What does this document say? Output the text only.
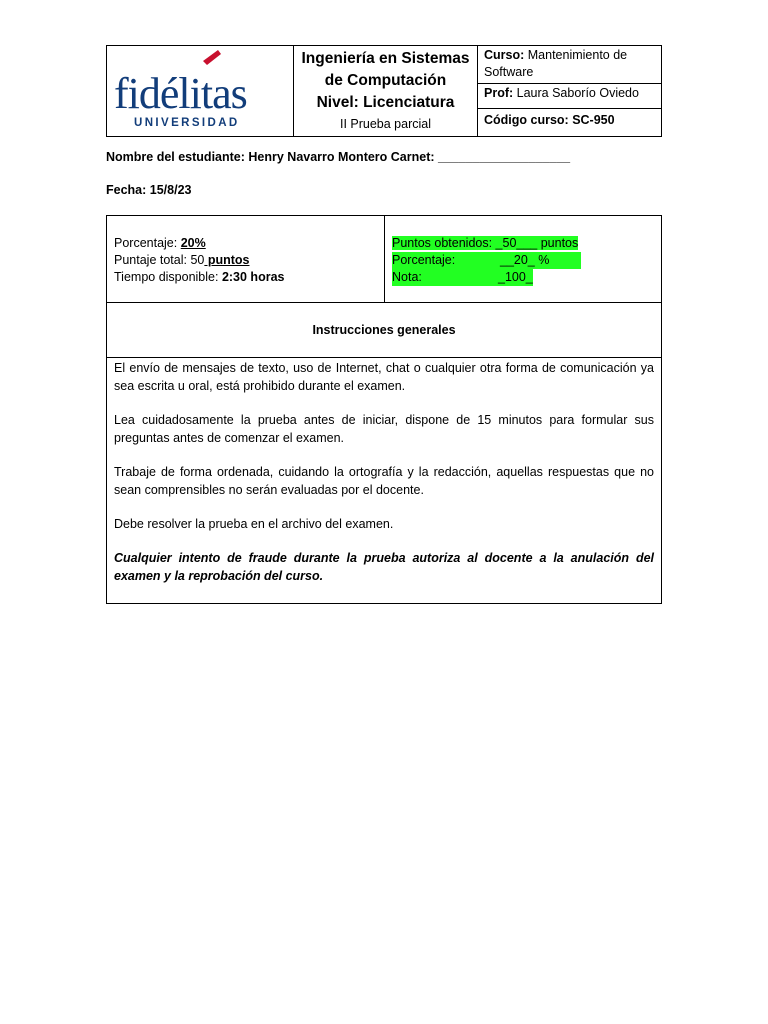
fidélitas
UNIVERSIDAD

Ingeniería en Sistemas
de Computación
Nivel: Licenciatura
II Prueba parcial
	Curso: Mantenimiento de Software
Prof: Laura Saborío Oviedo
Código curso: SC-950
Nombre del estudiante: Henry Navarro Montero Carnet: ___________________
Fecha: 15/8/23
Porcentaje: 20%
Puntaje total: 50 puntos
Tiempo disponible: 2:30 horas

Puntos obtenidos: _50___ puntos
Porcentaje:	__20_ %
Nota:	_100_

Instrucciones generales

El envío de mensajes de texto, uso de Internet, chat o cualquier otra forma de comunicación ya sea escrita u oral, está prohibido durante el examen.

Lea cuidadosamente la prueba antes de iniciar, dispone de 15 minutos para formular sus preguntas antes de comenzar el examen.

Trabaje de forma ordenada, cuidando la ortografía y la redacción, aquellas respuestas que no sean comprensibles no serán evaluadas por el docente.

Debe resolver la prueba en el archivo del examen.

Cualquier intento de fraude durante la prueba autoriza al docente a la anulación del examen y la reprobación del curso.
